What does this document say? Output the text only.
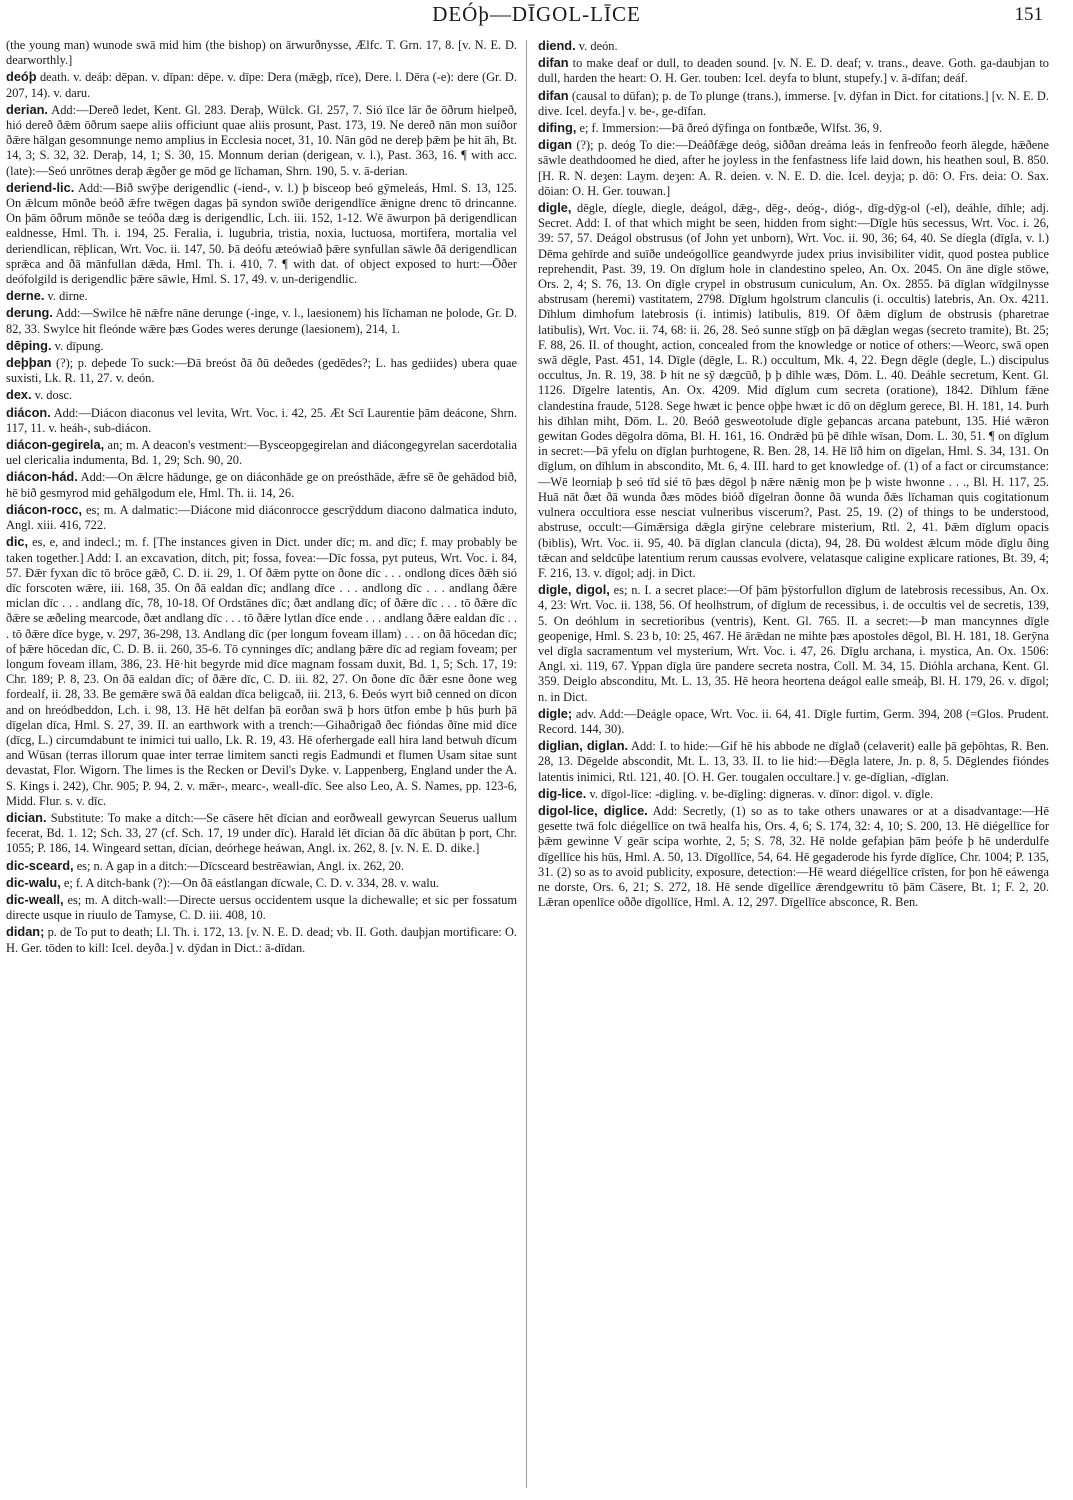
DEÓþ—DĪGOL-LĪCE	151

(the young man) wunode swā mid him (the bishop) on ārwurðnysse, Ælfc. T. Grn. 17, 8. [v. N. E. D. dearworthly.]

deóþ death. v. deáþ: dēpan. v. dīpan: dēpe. v. dīpe: Dera (mǣgþ, rīce), Dere. l. Dēra (-e): dere (Gr. D. 207, 14). v. daru.

derian. Add:—Dereð ledet, Kent. Gl. 283. Deraþ, Wülck. Gl. 257, 7. Sió īlce lār ðe ōðrum hielpeð, hió dereð ðǣm ōðrum saepe aliis officiunt quae aliis prosunt, Past. 173, 19. Ne dereð nān mon suíðor ðǣre hālgan gesomnunge nemo amplius in Ecclesia nocet, 31, 10. Nān gōd ne dereþ þǣm þe hit āh, Bt. 14, 3; S. 32, 32. Deraþ, 14, 1; S. 30, 15. Monnum derian (derigean, v. l.), Past. 363, 16. ¶ with acc. (late):—Seó unrōtnes deraþ ǣgðer ge mōd ge līchaman, Shrn. 190, 5. v. ā-derian.

deriend-lic. Add:—Bið swȳþe derigendlic (-iend-, v. l.) þ bisceop beó gȳmeleás, Hml. S. 13, 125. On ǣlcum mōnðe beóð ǣfre twēgen dagas þā syndon swīðe derigendlīce ǣnigne drenc tō drincanne. On þām ōðrum mōnðe se teóða dæg is derigendlic, Lch. iii. 152, 1-12. Wē āwurpon þā derigendlican ealdnesse, Hml. Th. i. 194, 25. Feralia, i. lugubria, tristia, noxia, luctuosa, mortifera, mortalia vel deriendlican, rēþlican, Wrt. Voc. ii. 147, 50. Þā deófu æteówiað þǣre synfullan sāwle ðā derigendlican sprǣca and ðā mānfullan dǣda, Hml. Th. i. 410, 7. ¶ with dat. of object exposed to hurt:—Ōðer deófolgild is derigendlic þǣre sāwle, Hml. S. 17, 49. v. un-derigendlic.

derne. v. dirne.

derung. Add:—Swilce hē nǣfre nāne derunge (-inge, v. l., laesionem) his līchaman ne þolode, Gr. D. 82, 33. Swylce hit fleónde wǣre þæs Godes weres derunge (laesionem), 214, 1.

dēping. v. dīpung.

deþþan (?); p. deþede To suck:—Ðā breóst ðā ðū deðedes (gedēdes?; L. has gediides) ubera quae suxisti, Lk. R. 11, 27. v. deón.

dex. v. dosc.

diácon. Add:—Diácon diaconus vel levita, Wrt. Voc. i. 42, 25. Æt Scī Laurentie þām deácone, Shrn. 117, 11. v. heáh-, sub-diácon.

diácon-gegirela, an; m. A deacon's vestment:—Bysceopgegirelan and diácongegyrelan sacerdotalia uel clericalia indumenta, Bd. 1, 29; Sch. 90, 20.

diácon-hád. Add:—On ǣlcre hādunge, ge on diáconhāde ge on preósthāde, ǣfre sē ðe gehādod bið, hē bið gesmyrod mid gehālgodum ele, Hml. Th. ii. 14, 26.

diácon-rocc, es; m. A dalmatic:—Diácone mid diáconrocce gescrȳddum diacono dalmatica induto, Angl. xiii. 416, 722.

dic, es, e, and indecl.; m. f. [The instances given in Dict. under dīc; m. and dīc; f. may probably be taken together.] Add: I. an excavation, ditch, pit; fossa, fovea:—Dīc fossa, pyt puteus, Wrt. Voc. i. 84, 57. Ðǣr fyxan dīc tō brōce gǣð, C. D. ii. 29, 1. Of ðǣm pytte on ðone dīc . . . ondlong dīces ðǣh sió dīc forscoten wǣre, iii. 168, 35. On ðā ealdan dīc; andlang dīce . . . andlong dīc . . . andlang ðǣre miclan dīc . . . andlang dīc, 78, 10-18. Of Ordstānes dīc; ðæt andlang dīc; of ðǣre dīc . . . tō ðǣre dīc ðǣre se æðeling mearcode, ðæt andlang dīc . . . tō ðǣre lytlan dīce ende . . . andlang ðǣre ealdan dīc . . . tō ðǣre dīce byge, v. 297, 36-298, 13. Andlang dīc (per longum foveam illam) . . . on ðā hōcedan dīc; of þǣre hōcedan dīc, C. D. B. ii. 260, 35-6. Tō cynninges dīc; andlang þǣre dīc ad regiam foveam; per longum foveam illam, 386, 23. Hē·hit begyrde mid dīce magnam fossam duxit, Bd. 1, 5; Sch. 17, 19: Chr. 189; P. 8, 23. On ðā ealdan dīc; of ðǣre dīc, C. D. iii. 82, 27. On ðone dīc ðǣr esne ðone weg fordealf, ii. 28, 33. Be gemǣre swā ðā ealdan dīca beligcað, iii. 213, 6. Ðeós wyrt bið cenned on dīcon and on hreódbeddon, Lch. i. 98, 13. Hē hēt delfan þā eorðan swā þ hors ūtfon embe þ hūs þurh þā dīgelan dīca, Hml. S. 27, 39. II. an earthwork with a trench:—Gihaðrigað ðec fióndas ðīne mid dīce (dīcg, L.) circumdabunt te inimici tui uallo, Lk. R. 19, 43. Hē oferhergade eall hira land betwuh dīcum and Wūsan (terras illorum quae inter terrae limitem sancti regis Eadmundi et flumen Usam sitae sunt devastat, Flor. Wigorn. The limes is the Recken or Devil's Dyke. v. Lappenberg, England under the A. S. Kings i. 242), Chr. 905; P. 94, 2. v. mǣr-, mearc-, weall-dīc. See also Leo, A. S. Names, pp. 123-6, Midd. Flur. s. v. dīc.

dician. Substitute: To make a ditch:—Se cāsere hēt dīcian and eorðweall gewyrcan Seuerus uallum fecerat, Bd. 1. 12; Sch. 33, 27 (cf. Sch. 17, 19 under dīc). Harald lēt dīcian ðā dīc ābūtan þ port, Chr. 1055; P. 186, 14. Wingeard settan, dīcian, deórhege heáwan, Angl. ix. 262, 8. [v. N. E. D. dike.]

dic-sceard, es; n. A gap in a ditch:—Dīcsceard bestrēawian, Angl. ix. 262, 20.

dic-walu, e; f. A ditch-bank (?):—On ðā eástlangan dīcwale, C. D. v. 334, 28. v. walu.

dic-weall, es; m. A ditch-wall:—Directe uersus occidentem usque la dichewalle; et sic per fossatum directe usque in riuulo de Tamyse, C. D. iii. 408, 10.

didan; p. de To put to death; Ll. Th. i. 172, 13. [v. N. E. D. dead; vb. II. Goth. dauþjan mortificare: O. H. Ger. tōden to kill: Icel. deyða.] v. dȳdan in Dict.: ā-dīdan.

diend. v. deón.

difan to make deaf or dull, to deaden sound. [v. N. E. D. deaf; v. trans., deave. Goth. ga-daubjan to dull, harden the heart: O. H. Ger. touben: Icel. deyfa to blunt, stupefy.] v. ā-dīfan; deáf.

difan (causal to dūfan); p. de To plunge (trans.), immerse. [v. dȳfan in Dict. for citations.] [v. N. E. D. dive. Icel. deyfa.] v. be-, ge-dīfan.

difing, e; f. Immersion:—Þā ðreó dȳfinga on fontbæðe, Wlfst. 36, 9.

digan (?); p. deóg To die:—Deáðfǣge deóg, siððan dreáma leás in fenfreoðo feorh ālegde, hǣðene sāwle deathdoomed he died, after he joyless in the fenfastness life laid down, his heathen soul, B. 850. [H. R. N. deȝen: Laym. deȝen: A. R. deien. v. N. E. D. die. Icel. deyja; p. dō: O. Frs. deia: O. Sax. dōian: O. H. Ger. touwan.]

digle, dēgle, díegle, diegle, deágol, dǣg-, dēg-, deóg-, dióg-, dīg-dȳg-ol (-el), deáhle, dīhle; adj. Secret. Add: I. of that which might be seen, hidden from sight:—Dīgle hūs secessus, Wrt. Voc. i. 26, 39: 57, 57. Deágol obstrusus (of John yet unborn), Wrt. Voc. ii. 90, 36; 64, 40. Se díegla (dīgla, v. l.) Dēma gehīrde and suīðe undeógollīce geandwyrde judex prius invisibiliter vidit, quod postea publice reprehendit, Past. 39, 19. On dīglum hole in clandestino speleo, An. Ox. 2045. On āne dīgle stōwe, Ors. 2, 4; S. 76, 13. On dīgle crypel in obstrusum cuniculum, An. Ox. 2855. Þā dīglan wīdgilnysse abstrusam (heremi) vastitatem, 2798. Dīglum hgolstrum clanculis (i. occultis) latebris, An. Ox. 4211. Dīhlum dimhofum latebrosis (i. intimis) latibulis, 819. Of ðǣm dīglum de obstrusis (pharetrae latibulis), Wrt. Voc. ii. 74, 68: ii. 26, 28. Seó sunne stīgþ on þā dǣglan wegas (secreto tramite), Bt. 25; F. 88, 26. II. of thought, action, concealed from the knowledge or notice of others:—Weorc, swā open swā dēgle, Past. 451, 14. Dīgle (dēgle, L. R.) occultum, Mk. 4, 22. Ðegn dēgle (degle, L.) discipulus occultus, Jn. R. 19, 38. Þ hit ne sȳ dægcūð, þ þ dīhle wæs, Dōm. L. 40. Deáhle secretum, Kent. Gl. 1126. Dīgelre latentis, An. Ox. 4209. Mid dīglum cum secreta (oratione), 1842. Dīhlum fǣne clandestina fraude, 5128. Sege hwæt ic þence oþþe hwæt ic dō on dēglum gerece, Bl. H. 181, 14. Þurh his dīhlan miht, Dōm. L. 20. Beóð gesweotolude dīgle geþancas arcana patebunt, 135. Hié wǣron gewitan Godes dēgolra dōma, Bl. H. 161, 16. Ondrǣd þū þē dīhle wīsan, Dom. L. 30, 51. ¶ on dīglum in secret:—Þā yfelu on dīglan þurhtogene, R. Ben. 28, 14. Hē līð him on dīgelan, Hml. S. 34, 131. On dīglum, on dīhlum in abscondito, Mt. 6, 4. III. hard to get knowledge of. (1) of a fact or circumstance:—Wē leorniaþ þ seó tīd sié tō þæs dēgol þ nǣre nǣnig mon þe þ wiste hwonne . . ., Bl. H. 117, 25. Huā nāt ðæt ðā wunda ðæs mōdes bióð dīgelran ðonne ðā wunda ðǣs līchaman quis cogitationum vulnera occultiora esse nesciat vulneribus viscerum?, Past. 25, 19. (2) of things to be understood, abstruse, occult:—Gimǣrsiga dǣgla girȳne celebrare misterium, Rtl. 2, 41. Þǣm dīglum opacis (biblis), Wrt. Voc. ii. 95, 40. Þā dīglan clancula (dicta), 94, 28. Ðū woldest ǣlcum mōde dīglu ðing tǣcan and seldcūþe latentium rerum caussas evolvere, velatasque caligine explicare rationes, Bt. 39, 4; F. 216, 13. v. dīgol; adj. in Dict.

digle, digol, es; n. I. a secret place:—Of þām þȳstorfullon dīglum de latebrosis recessibus, An. Ox. 4, 23: Wrt. Voc. ii. 138, 56. Of heolhstrum, of dīglum de recessibus, i. de occultis vel de secretis, 139, 5. On deóhlum in secretioribus (ventris), Kent. Gl. 765. II. a secret:—Þ man mancynnes dīgle geopenige, Hml. S. 23 b, 10: 25, 467. Hē ārǣdan ne mihte þæs apostoles dēgol, Bl. H. 181, 18. Gerȳna vel dīgla sacramentum vel mysterium, Wrt. Voc. i. 47, 26. Dīglu archana, i. mystica, An. Ox. 1506: Angl. xi. 119, 67. Yppan dīgla ūre pandere secreta nostra, Coll. M. 34, 15. Dióhla archana, Kent. Gl. 359. Deiglo absconditu, Mt. L. 13, 35. Hē heora heortena deágol ealle smeáþ, Bl. H. 179, 26. v. dīgol; n. in Dict.

digle; adv. Add:—Deágle opace, Wrt. Voc. ii. 64, 41. Dīgle furtim, Germ. 394, 208 (=Glos. Prudent. Record. 144, 30).

diglian, diglan. Add: I. to hide:—Gif hē his abbode ne dīglað (celaverit) ealle þā geþōhtas, R. Ben. 28, 13. Dēgelde abscondit, Mt. L. 13, 33. II. to lie hid:—Ðēgla latere, Jn. p. 8, 5. Dēglendes fióndes latentis inimici, Rtl. 121, 40. [O. H. Ger. tougalen occultare.] v. ge-dīglian, -dīglan.

dig-lice. v. dīgol-līce: -digling. v. be-dīgling: digneras. v. dīnor: digol. v. dīgle.

digol-lice, diglice. Add: Secretly, (1) so as to take others unawares or at a disadvantage:—Hē gesette twā folc diégellīce on twā healfa his, Ors. 4, 6; S. 174, 32: 4, 10; S. 200, 13. Hē diégellīce for þǣm gewinne V geār scipa worhte, 2, 5; S. 78, 32. Hē nolde gefaþian þām þeófe þ hē underdulfe dīgellīce his hūs, Hml. A. 50, 13. Dīgollīce, 54, 64. Hē gegaderode his fyrde dīglīce, Chr. 1004; P. 135, 31. (2) so as to avoid publicity, exposure, detection:—Hē weard diégellīce crīsten, for þon hē eáwenga ne dorste, Ors. 6, 21; S. 272, 18. Hē sende dīgellīce ǣrendgewritu tō þām Cāsere, Bt. 1; F. 2, 20. Lǣran openlīce oððe dīgollīce, Hml. A. 12, 297. Dīgellīce absconce, R. Ben.
